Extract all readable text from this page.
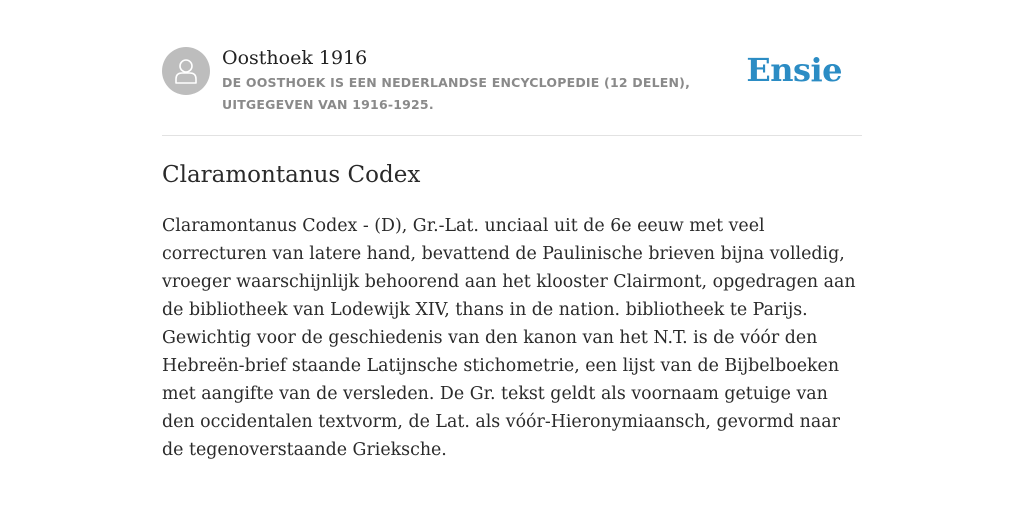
Oosthoek 1916

DE OOSTHOEK IS EEN NEDERLANDSE ENCYCLOPEDIE (12 DELEN), UITGEGEVEN VAN 1916-1925.

Ensie
Claramontanus Codex

Claramontanus Codex - (D), Gr.-Lat. unciaal uit de 6e eeuw met veel correcturen van latere hand, bevattend de Paulinische brieven bijna volledig, vroeger waarschijnlijk behoorend aan het klooster Clairmont, opgedragen aan de bibliotheek van Lodewijk XIV, thans in de nation. bibliotheek te Parijs. Gewichtig voor de geschiedenis van den kanon van het N.T. is de vóór den Hebreën-brief staande Latijnsche stichometrie, een lijst van de Bijbelboeken met aangifte van de versleden. De Gr. tekst geldt als voornaam getuige van den occidentalen textvorm, de Lat. als vóór-Hieronymiaansch, gevormd naar de tegenoverstaande Grieksche.
